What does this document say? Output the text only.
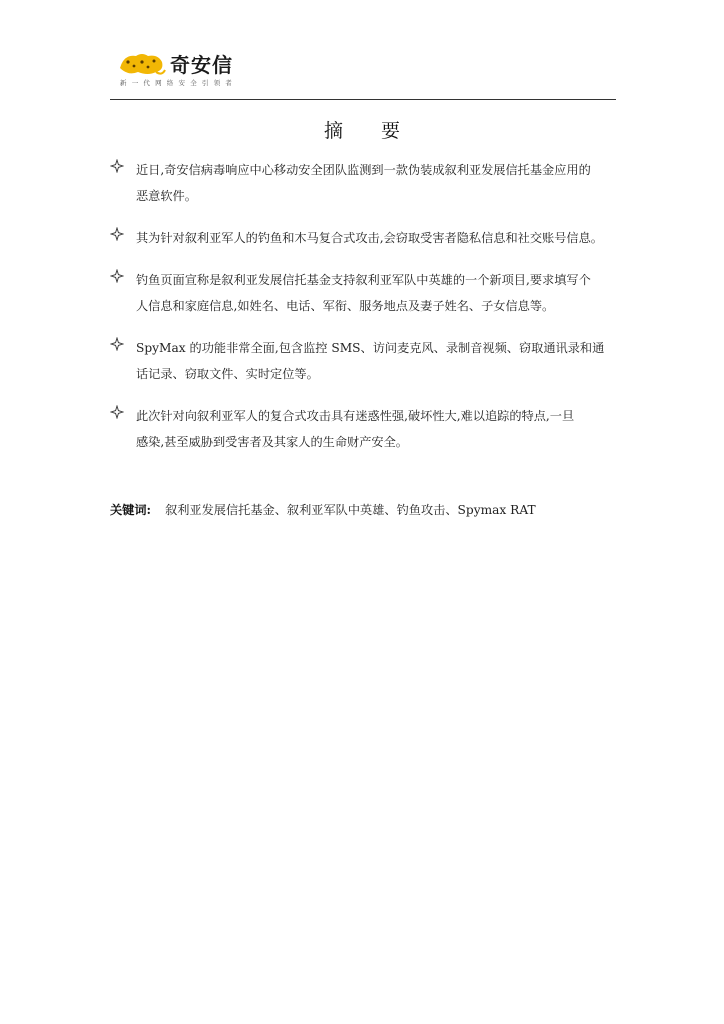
奇安信
新一代网络安全引领者
摘 要
近日,奇安信病毒响应中心移动安全团队监测到一款伪装成叙利亚发展信托基金应用的
恶意软件。
其为针对叙利亚军人的钓鱼和木马复合式攻击,会窃取受害者隐私信息和社交账号信息。
钓鱼页面宣称是叙利亚发展信托基金支持叙利亚军队中英雄的一个新项目,要求填写个
人信息和家庭信息,如姓名、电话、军衔、服务地点及妻子姓名、子女信息等。
SpyMax 的功能非常全面,包含监控 SMS、访问麦克风、录制音视频、窃取通讯录和通
话记录、窃取文件、实时定位等。
此次针对向叙利亚军人的复合式攻击具有迷惑性强,破坏性大,难以追踪的特点,一旦
感染,甚至威胁到受害者及其家人的生命财产安全。
关键词: 叙利亚发展信托基金、叙利亚军队中英雄、钓鱼攻击、Spymax RAT
